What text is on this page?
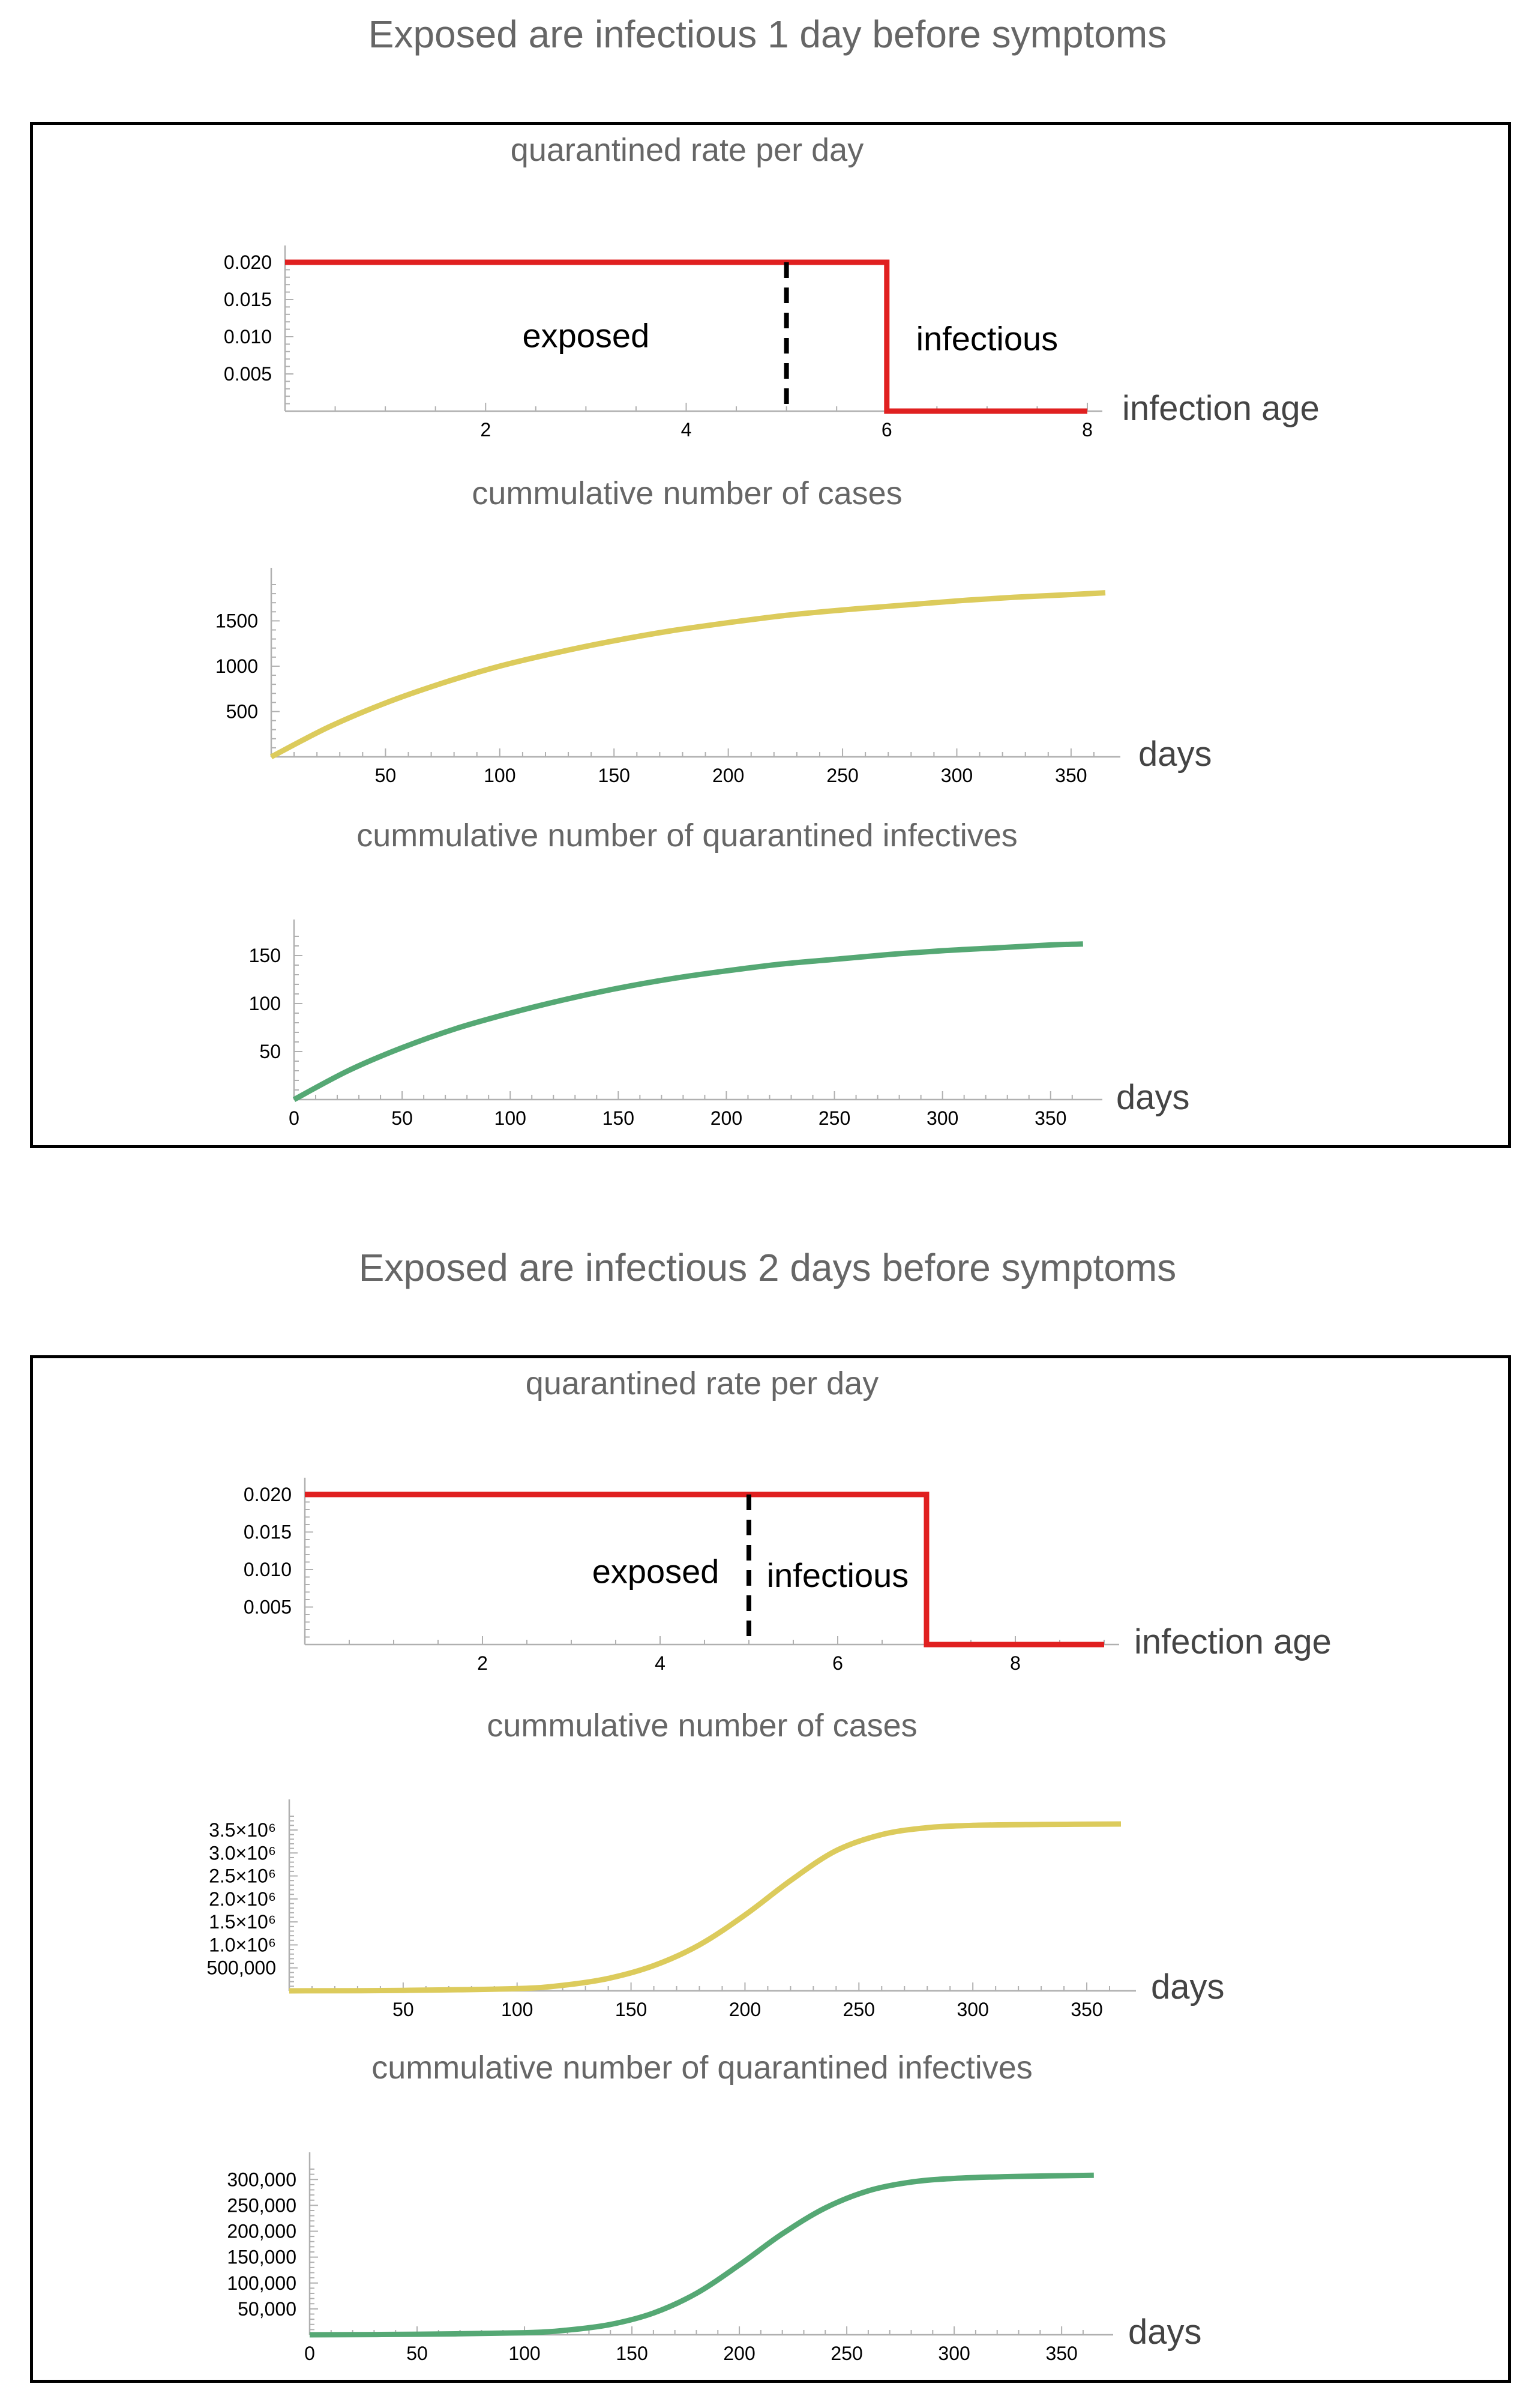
Exposed are infectious 1 day before symptoms
Exposed are infectious 2 days before symptoms
quarantined rate per day
2	4	6	8
0.005
0.010
0.015
0.020
infection age
exposed	infectious
cummulative number of cases
50	100	150	200	250	300	350
500
1000
1500
days
cummulative number of quarantined infectives
0	50	100	150	200	250	300	350
50
100
150
days
quarantined rate per day
2	4	6	8
0.005
0.010
0.015
0.020
infection age
exposed infectious
cummulative number of cases
50	100	150	200	250	300	350
500,000
1.0×10⁶
1.5×10⁶
2.0×10⁶
2.5×10⁶
3.0×10⁶
3.5×10⁶
days
cummulative number of quarantined infectives
0	50	100	150	200	250	300	350
50,000
100,000
150,000
200,000
250,000
300,000
days
